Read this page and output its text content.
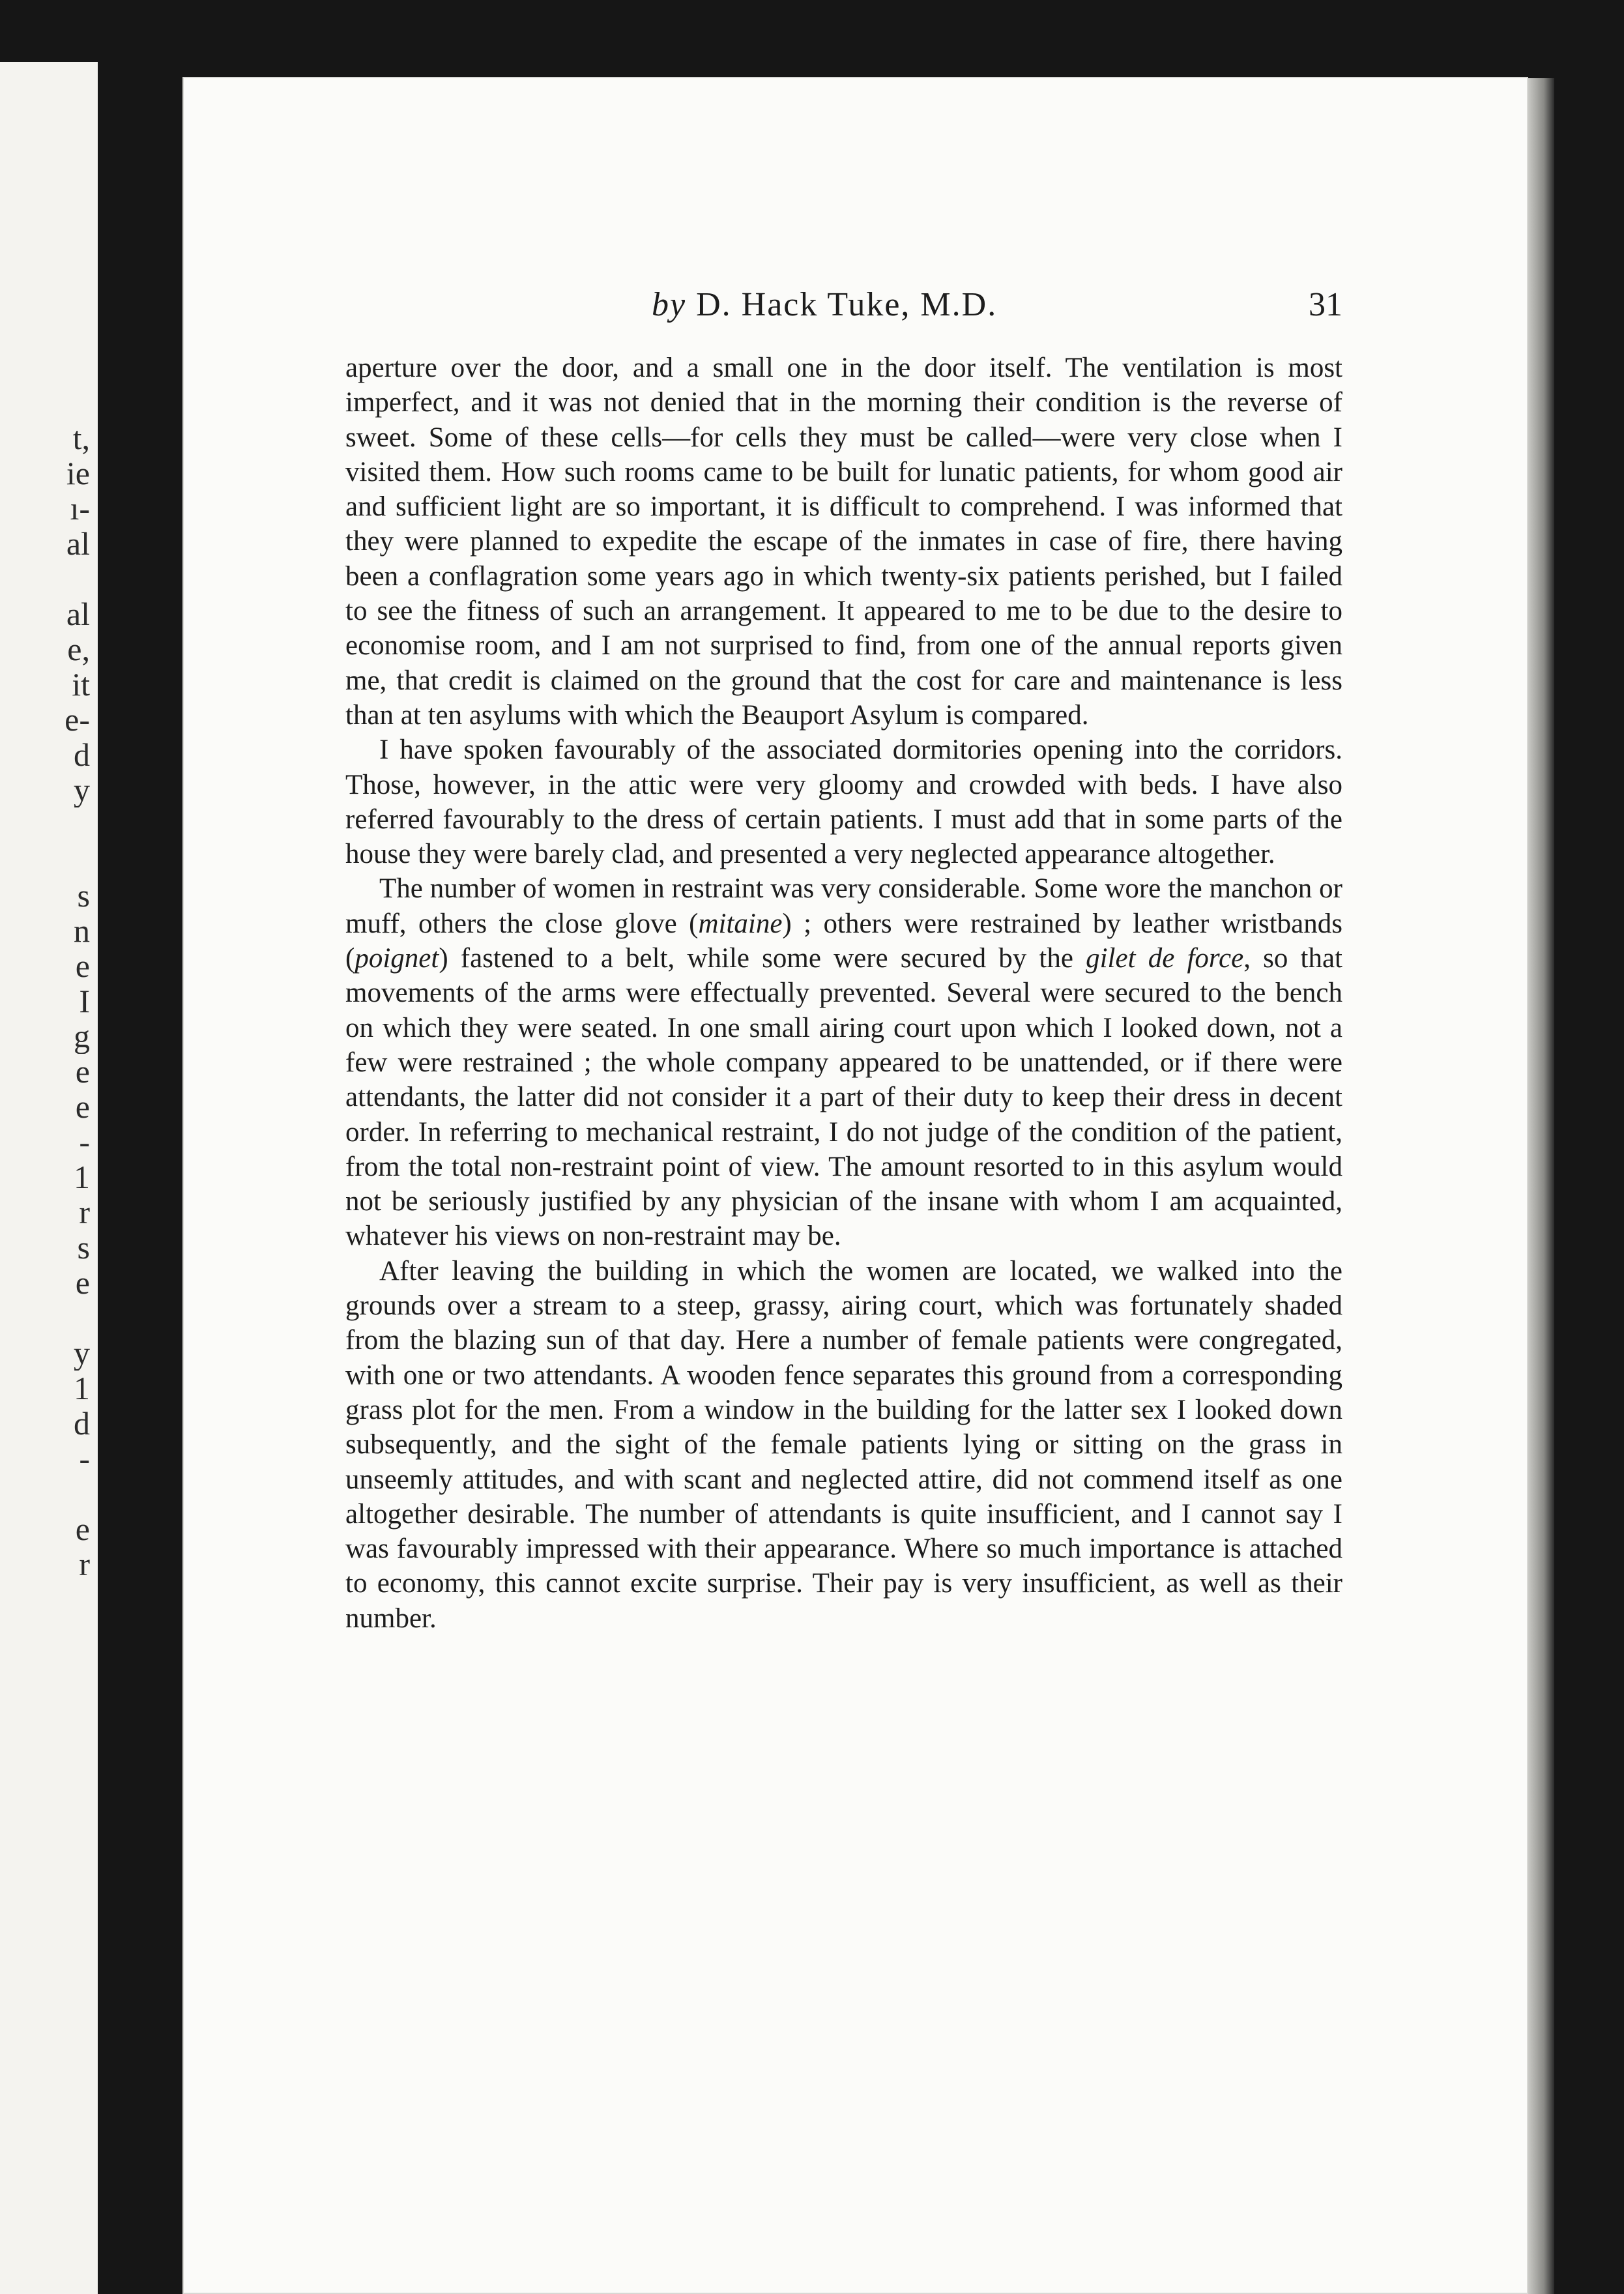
t,
ie
ı-
al

al
e,
it
e-
d
y

s
n
e
I
g
e
e
-
1
r
s
e

y
1
d
-

e
r
by D. Hack Tuke, M.D.	31

aperture over the door, and a small one in the door itself. The ventilation is most imperfect, and it was not denied that in the morning their condition is the reverse of sweet. Some of these cells—for cells they must be called—were very close when I visited them. How such rooms came to be built for lunatic patients, for whom good air and sufficient light are so important, it is difficult to comprehend. I was informed that they were planned to expedite the escape of the inmates in case of fire, there having been a conflagration some years ago in which twenty-six patients perished, but I failed to see the fitness of such an arrangement. It appeared to me to be due to the desire to economise room, and I am not surprised to find, from one of the annual reports given me, that credit is claimed on the ground that the cost for care and maintenance is less than at ten asylums with which the Beauport Asylum is compared.

I have spoken favourably of the associated dormitories opening into the corridors. Those, however, in the attic were very gloomy and crowded with beds. I have also referred favourably to the dress of certain patients. I must add that in some parts of the house they were barely clad, and presented a very neglected appearance altogether.

The number of women in restraint was very considerable. Some wore the manchon or muff, others the close glove (mitaine) ; others were restrained by leather wristbands (poignet) fastened to a belt, while some were secured by the gilet de force, so that movements of the arms were effectually prevented. Several were secured to the bench on which they were seated. In one small airing court upon which I looked down, not a few were restrained ; the whole company appeared to be unattended, or if there were attendants, the latter did not consider it a part of their duty to keep their dress in decent order. In referring to mechanical restraint, I do not judge of the condition of the patient, from the total non-restraint point of view. The amount resorted to in this asylum would not be seriously justified by any physician of the insane with whom I am acquainted, whatever his views on non-restraint may be.

After leaving the building in which the women are located, we walked into the grounds over a stream to a steep, grassy, airing court, which was fortunately shaded from the blazing sun of that day. Here a number of female patients were congregated, with one or two attendants. A wooden fence separates this ground from a corresponding grass plot for the men. From a window in the building for the latter sex I looked down subsequently, and the sight of the female patients lying or sitting on the grass in unseemly attitudes, and with scant and neglected attire, did not commend itself as one altogether desirable. The number of attendants is quite insufficient, and I cannot say I was favourably impressed with their appearance. Where so much importance is attached to economy, this cannot excite surprise. Their pay is very insufficient, as well as their number.
